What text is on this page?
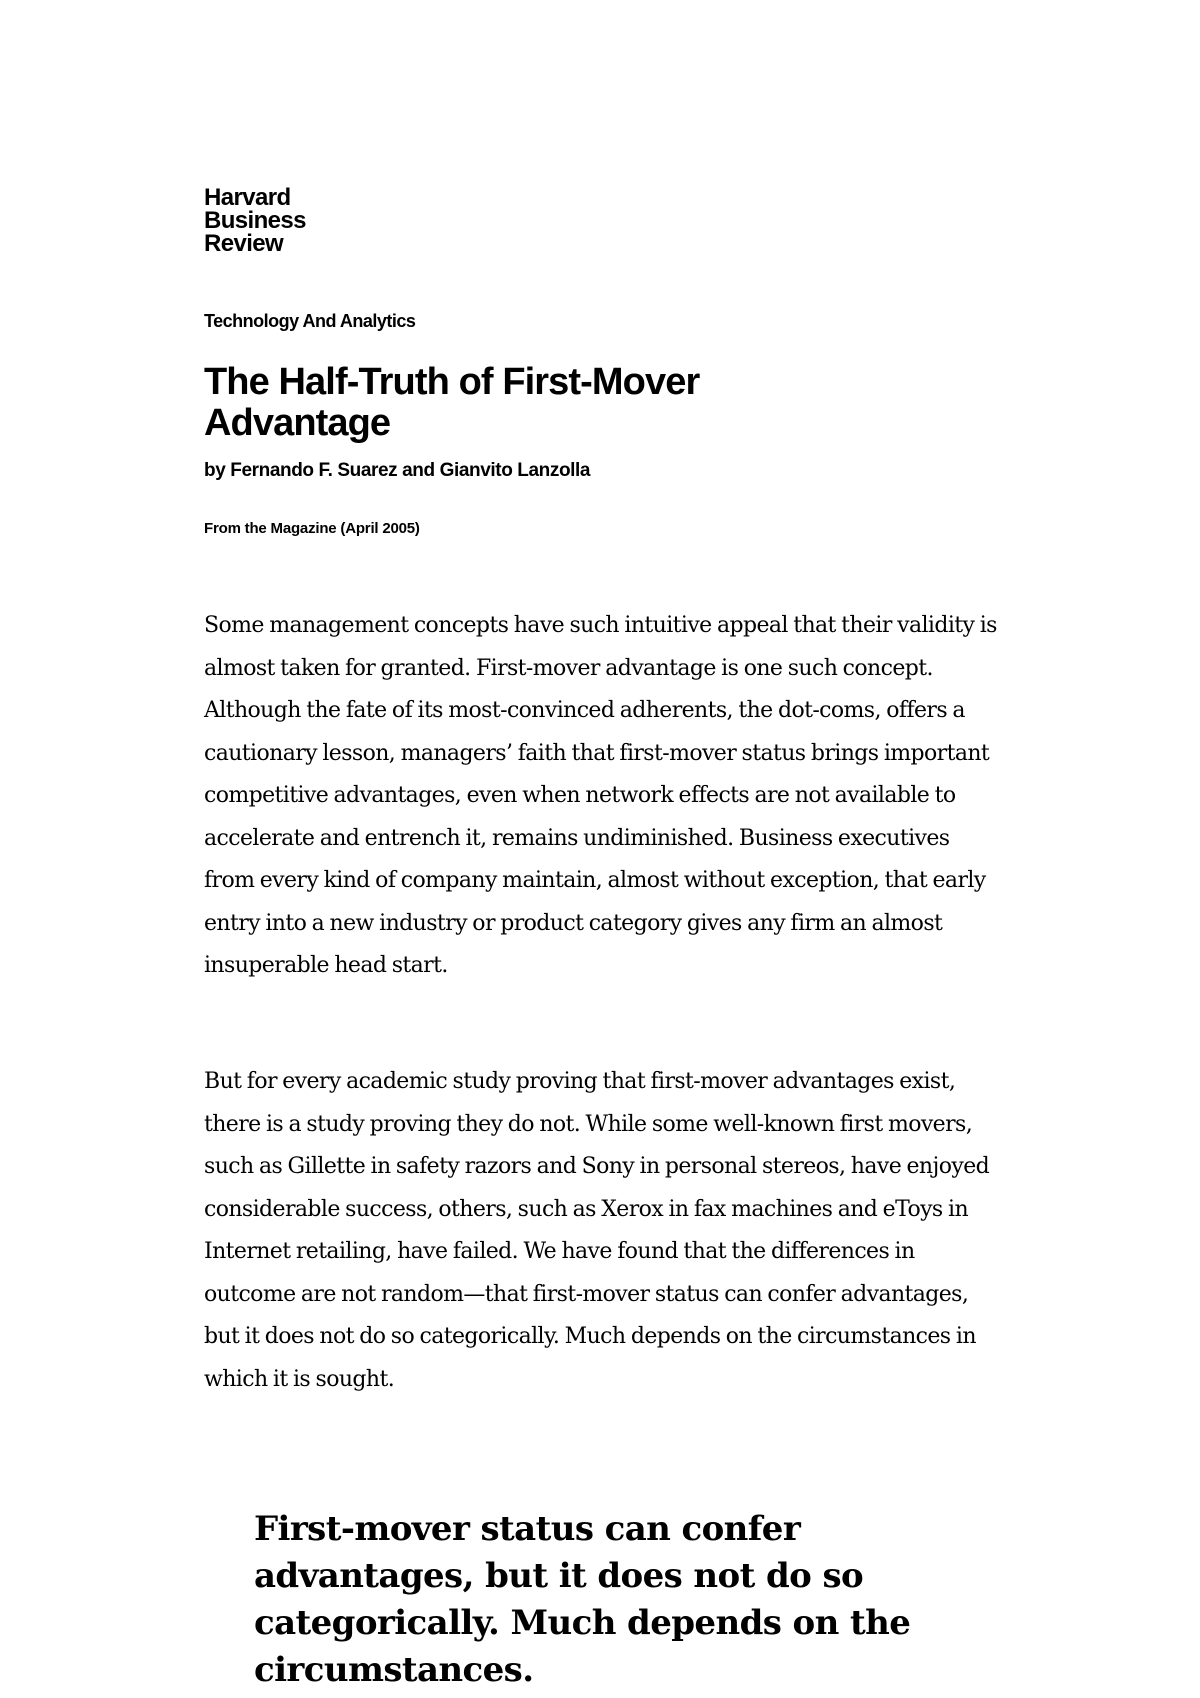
Harvard
Business
Review
Technology And Analytics
The Half-Truth of First-Mover Advantage
by Fernando F. Suarez and Gianvito Lanzolla
From the Magazine (April 2005)

Some management concepts have such intuitive appeal that their validity is almost taken for granted. First-mover advantage is one such concept. Although the fate of its most-convinced adherents, the dot-coms, offers a cautionary lesson, managers’ faith that first-mover status brings important competitive advantages, even when network effects are not available to accelerate and entrench it, remains undiminished. Business executives from every kind of company maintain, almost without exception, that early entry into a new industry or product category gives any firm an almost insuperable head start.

But for every academic study proving that first-mover advantages exist, there is a study proving they do not. While some well-known first movers, such as Gillette in safety razors and Sony in personal stereos, have enjoyed considerable success, others, such as Xerox in fax machines and eToys in Internet retailing, have failed. We have found that the differences in outcome are not random—that first-mover status can confer advantages, but it does not do so categorically. Much depends on the circumstances in which it is sought.

First-mover status can confer advantages, but it does not do so categorically. Much depends on the circumstances.
